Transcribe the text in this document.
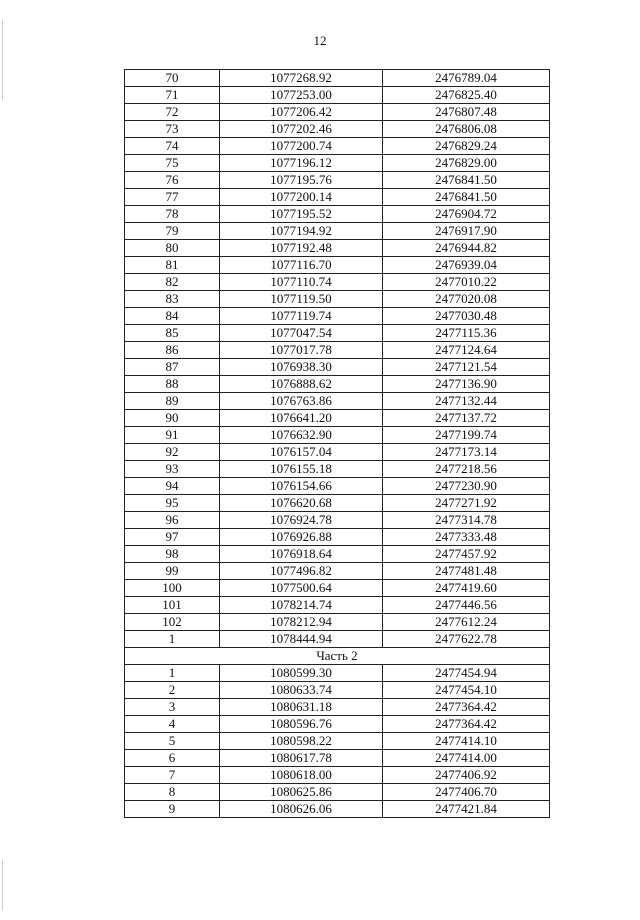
12
70	1077268.92	2476789.04
71	1077253.00	2476825.40
72	1077206.42	2476807.48
73	1077202.46	2476806.08
74	1077200.74	2476829.24
75	1077196.12	2476829.00
76	1077195.76	2476841.50
77	1077200.14	2476841.50
78	1077195.52	2476904.72
79	1077194.92	2476917.90
80	1077192.48	2476944.82
81	1077116.70	2476939.04
82	1077110.74	2477010.22
83	1077119.50	2477020.08
84	1077119.74	2477030.48
85	1077047.54	2477115.36
86	1077017.78	2477124.64
87	1076938.30	2477121.54
88	1076888.62	2477136.90
89	1076763.86	2477132.44
90	1076641.20	2477137.72
91	1076632.90	2477199.74
92	1076157.04	2477173.14
93	1076155.18	2477218.56
94	1076154.66	2477230.90
95	1076620.68	2477271.92
96	1076924.78	2477314.78
97	1076926.88	2477333.48
98	1076918.64	2477457.92
99	1077496.82	2477481.48
100	1077500.64	2477419.60
101	1078214.74	2477446.56
102	1078212.94	2477612.24
1	1078444.94	2477622.78
Часть 2		
1	1080599.30	2477454.94
2	1080633.74	2477454.10
3	1080631.18	2477364.42
4	1080596.76	2477364.42
5	1080598.22	2477414.10
6	1080617.78	2477414.00
7	1080618.00	2477406.92
8	1080625.86	2477406.70
9	1080626.06	2477421.84
